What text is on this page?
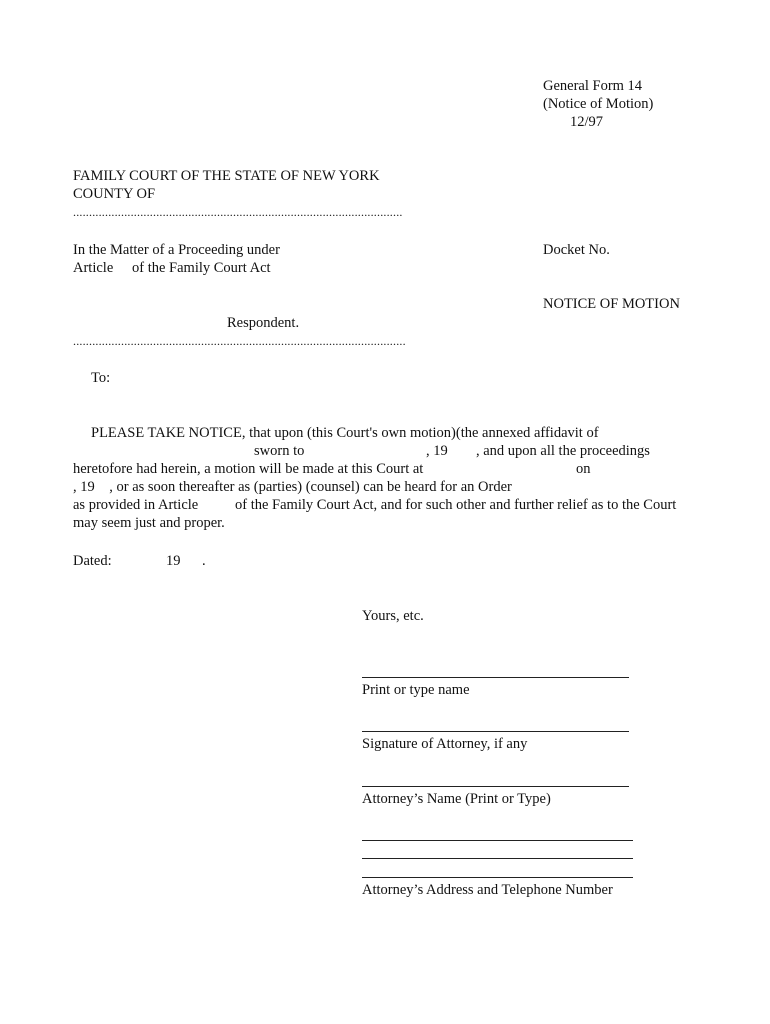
General Form 14
(Notice of Motion)
12/97
FAMILY COURT OF THE STATE OF NEW YORK
COUNTY OF
.......................................................................................................
In the Matter of a Proceeding under
Article of the Family Court Act
Docket No.
NOTICE OF MOTION
Respondent.
........................................................................................................
To:
PLEASE TAKE NOTICE, that upon (this Court's own motion)(the annexed affidavit of
sworn to	, 19 , and upon all the proceedings
heretofore had herein, a motion will be made at this Court at	on
, 19    , or as soon thereafter as (parties) (counsel) can be heard for an Order
as provided in Article	of the Family Court Act, and for such other and further relief as to the Court
may seem just and proper.
Dated:	19 .
Yours, etc.
Print or type name
Signature of Attorney, if any
Attorney’s Name (Print or Type)
Attorney’s Address and Telephone Number
